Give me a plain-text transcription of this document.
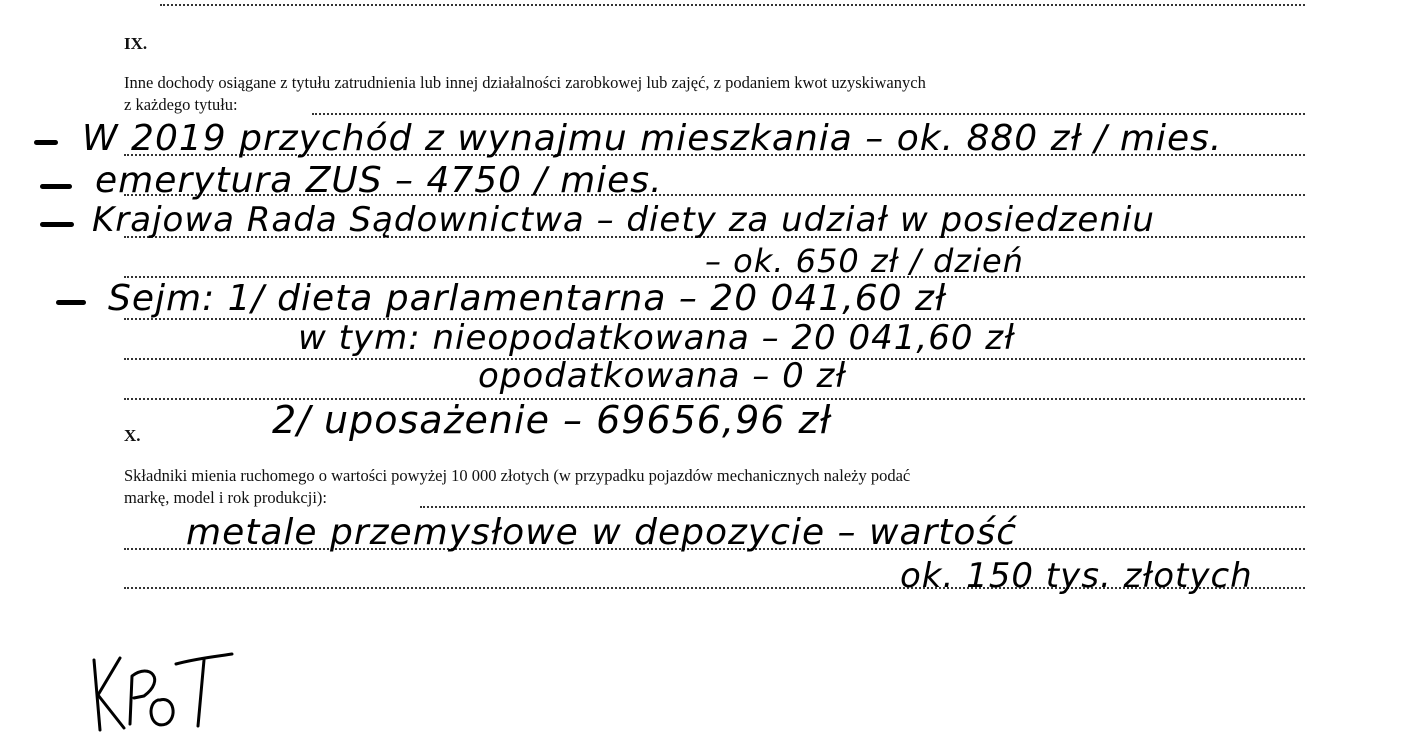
IX.
Inne dochody osiągane z tytułu zatrudnienia lub innej działalności zarobkowej lub zajęć, z podaniem kwot uzyskiwanych
z każdego tytułu:
W 2019 przychód z wynajmu mieszkania – ok. 880 zł / mies.
emerytura ZUS – 4750 / mies.
Krajowa Rada Sądownictwa – diety za udział w posiedzeniu
– ok. 650 zł / dzień
Sejm: 1/ dieta parlamentarna – 20 041,60 zł
w tym: nieopodatkowana – 20 041,60 zł
opodatkowana – 0 zł
2/ uposażenie – 69656,96 zł
X.
Składniki mienia ruchomego o wartości powyżej 10 000 złotych (w przypadku pojazdów mechanicznych należy podać
markę, model i rok produkcji):
metale przemysłowe w depozycie – wartość
ok. 150 tys. złotych
